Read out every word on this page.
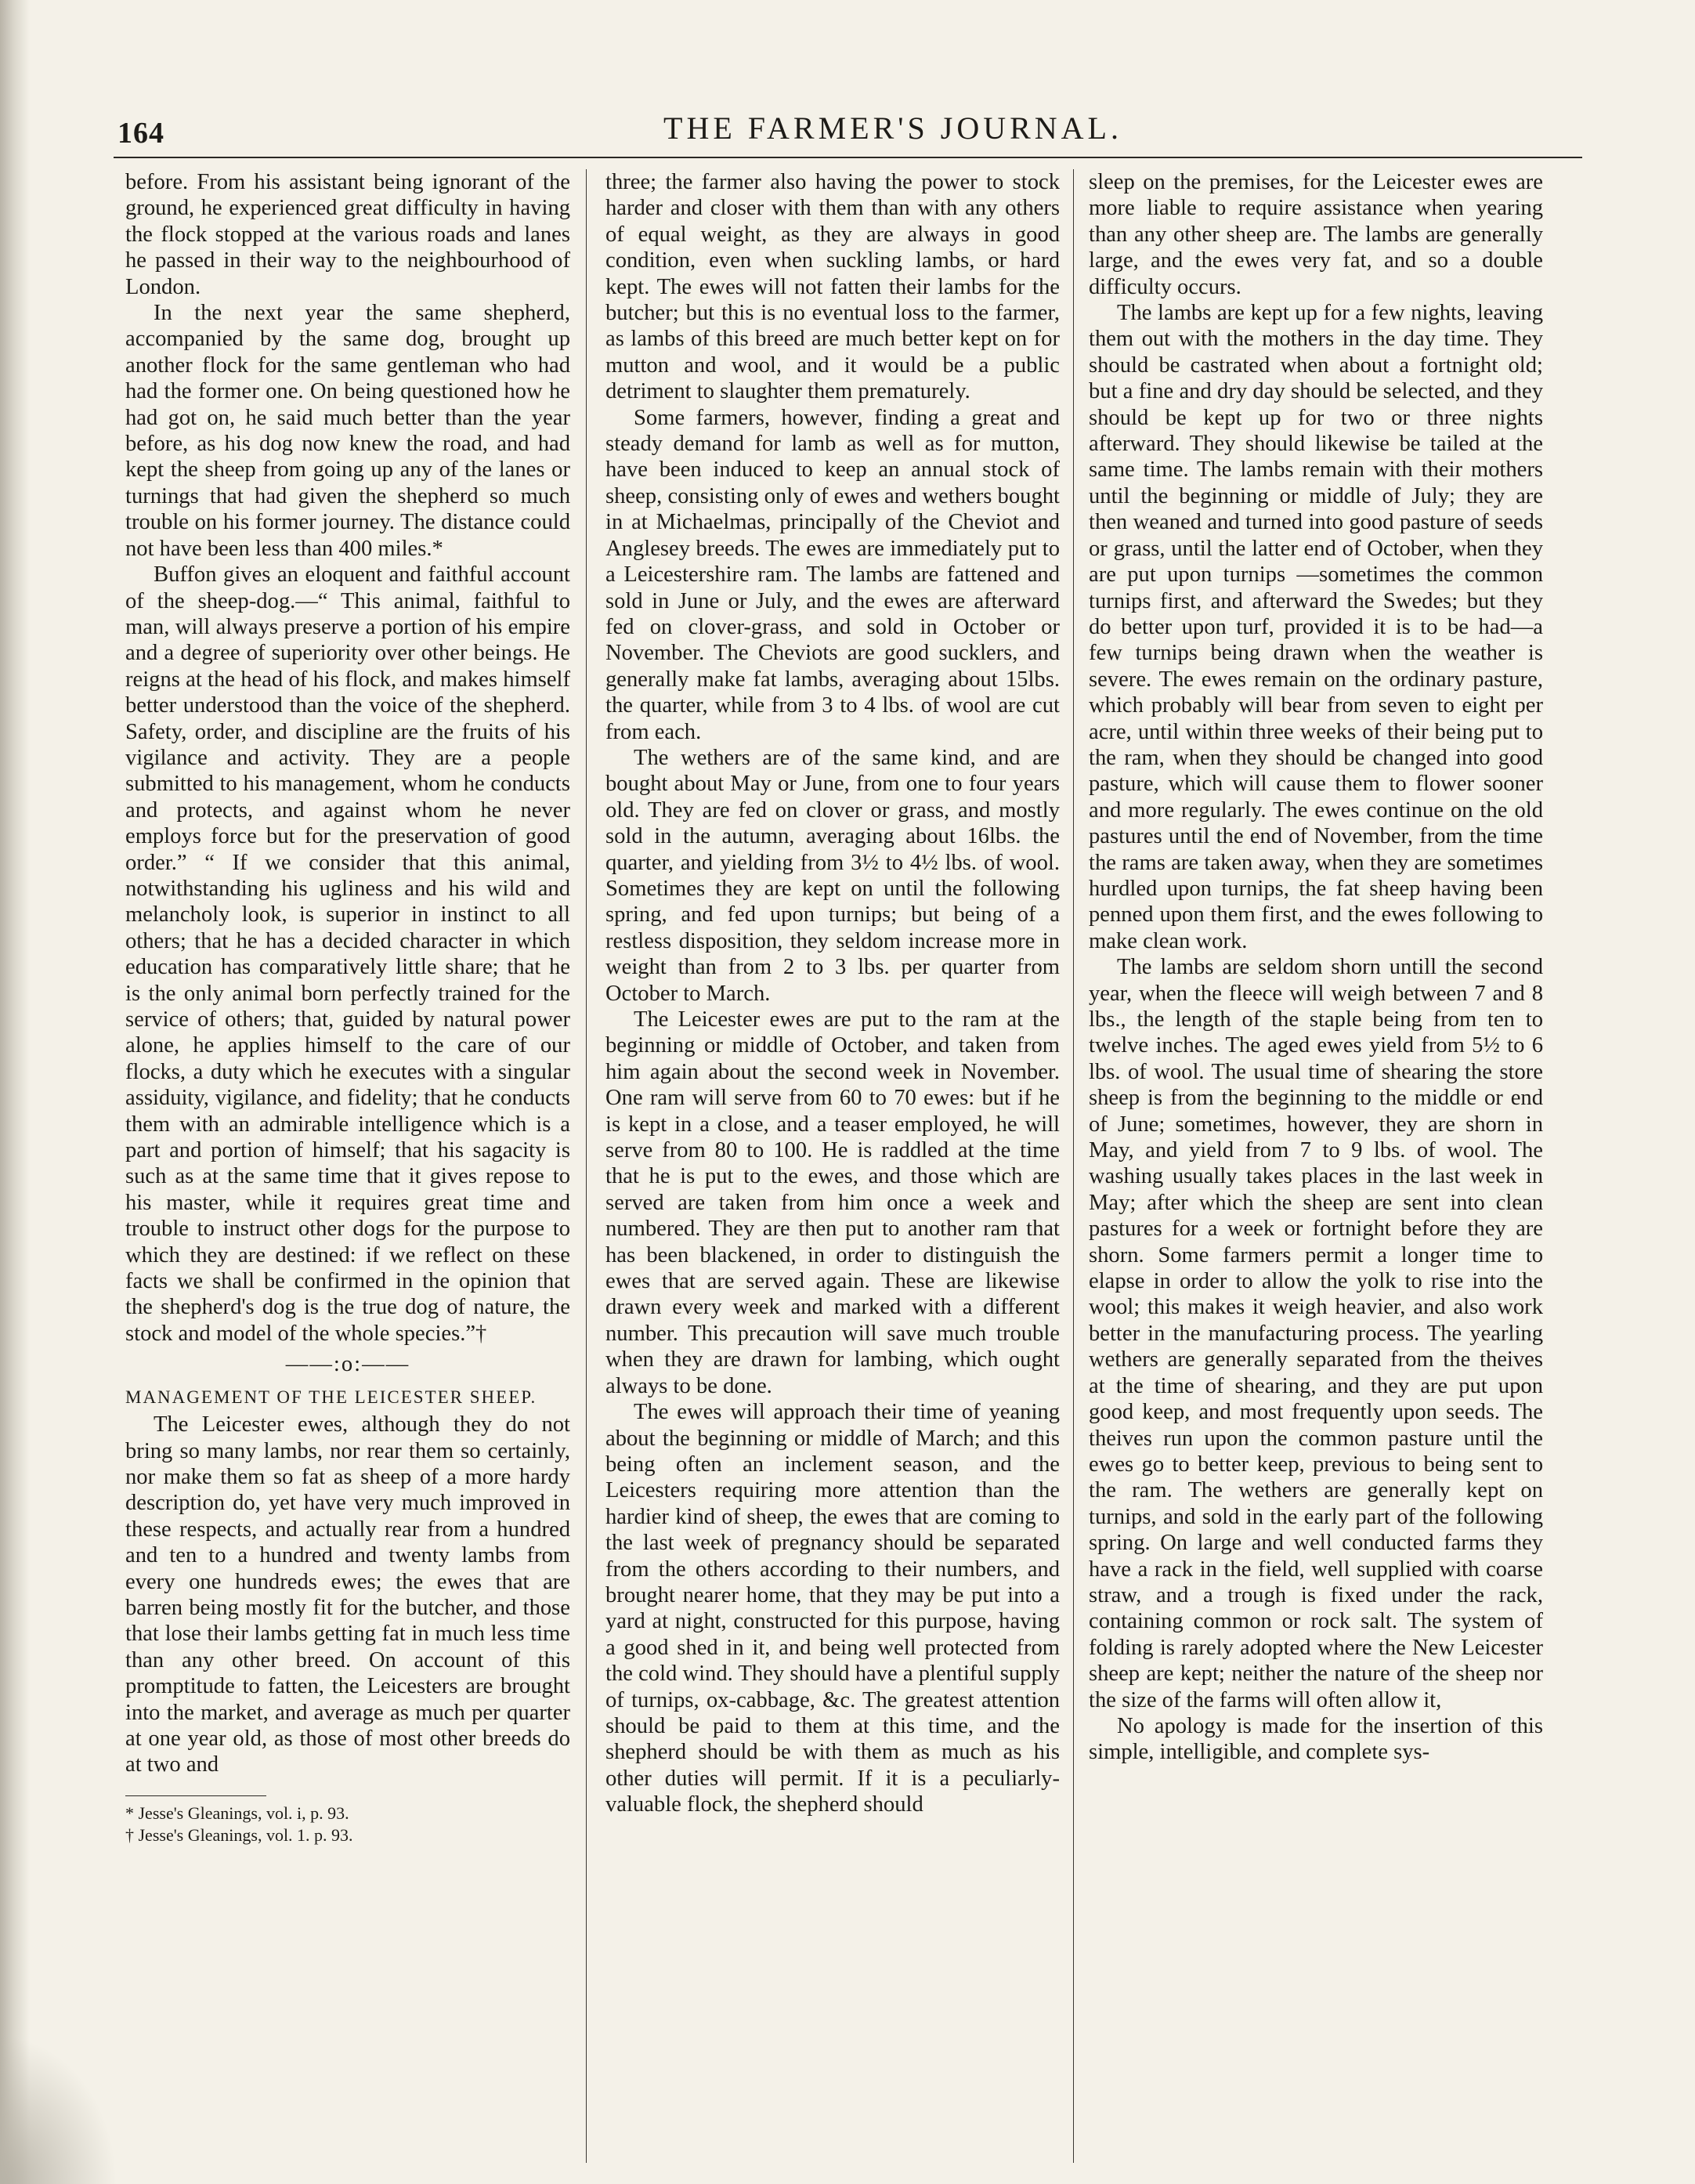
164	THE FARMER'S JOURNAL.

before. From his assistant being ignorant of the ground, he experienced great difficulty in having the flock stopped at the various roads and lanes he passed in their way to the neighbourhood of London.

In the next year the same shepherd, accompanied by the same dog, brought up another flock for the same gentleman who had had the former one. On being questioned how he had got on, he said much better than the year before, as his dog now knew the road, and had kept the sheep from going up any of the lanes or turnings that had given the shepherd so much trouble on his former journey. The distance could not have been less than 400 miles.*

Buffon gives an eloquent and faithful account of the sheep-dog.—“ This animal, faithful to man, will always preserve a portion of his empire and a degree of superiority over other beings. He reigns at the head of his flock, and makes himself better understood than the voice of the shepherd. Safety, order, and discipline are the fruits of his vigilance and activity. They are a people submitted to his management, whom he conducts and protects, and against whom he never employs force but for the preservation of good order.” “ If we consider that this animal, notwithstanding his ugliness and his wild and melancholy look, is superior in instinct to all others; that he has a decided character in which education has comparatively little share; that he is the only animal born perfectly trained for the service of others; that, guided by natural power alone, he applies himself to the care of our flocks, a duty which he executes with a singular assiduity, vigilance, and fidelity; that he conducts them with an admirable intelligence which is a part and portion of himself; that his sagacity is such as at the same time that it gives repose to his master, while it requires great time and trouble to instruct other dogs for the purpose to which they are destined: if we reflect on these facts we shall be confirmed in the opinion that the shepherd's dog is the true dog of nature, the stock and model of the whole species.”†

——:o:——
MANAGEMENT OF THE LEICESTER SHEEP.

The Leicester ewes, although they do not bring so many lambs, nor rear them so certainly, nor make them so fat as sheep of a more hardy description do, yet have very much improved in these respects, and actually rear from a hundred and ten to a hundred and twenty lambs from every one hundreds ewes; the ewes that are barren being mostly fit for the butcher, and those that lose their lambs getting fat in much less time than any other breed. On account of this promptitude to fatten, the Leicesters are brought into the market, and average as much per quarter at one year old, as those of most other breeds do at two and

* Jesse's Gleanings, vol. i, p. 93.

† Jesse's Gleanings, vol. 1. p. 93.

three; the farmer also having the power to stock harder and closer with them than with any others of equal weight, as they are always in good condition, even when suckling lambs, or hard kept. The ewes will not fatten their lambs for the butcher; but this is no eventual loss to the farmer, as lambs of this breed are much better kept on for mutton and wool, and it would be a public detriment to slaughter them prematurely.

Some farmers, however, finding a great and steady demand for lamb as well as for mutton, have been induced to keep an annual stock of sheep, consisting only of ewes and wethers bought in at Michaelmas, principally of the Cheviot and Anglesey breeds. The ewes are immediately put to a Leicestershire ram. The lambs are fattened and sold in June or July, and the ewes are afterward fed on clover-grass, and sold in October or November. The Cheviots are good sucklers, and generally make fat lambs, averaging about 15lbs. the quarter, while from 3 to 4 lbs. of wool are cut from each.

The wethers are of the same kind, and are bought about May or June, from one to four years old. They are fed on clover or grass, and mostly sold in the autumn, averaging about 16lbs. the quarter, and yielding from 3½ to 4½ lbs. of wool. Sometimes they are kept on until the following spring, and fed upon turnips; but being of a restless disposition, they seldom increase more in weight than from 2 to 3 lbs. per quarter from October to March.

The Leicester ewes are put to the ram at the beginning or middle of October, and taken from him again about the second week in November. One ram will serve from 60 to 70 ewes: but if he is kept in a close, and a teaser employed, he will serve from 80 to 100. He is raddled at the time that he is put to the ewes, and those which are served are taken from him once a week and numbered. They are then put to another ram that has been blackened, in order to distinguish the ewes that are served again. These are likewise drawn every week and marked with a different number. This precaution will save much trouble when they are drawn for lambing, which ought always to be done.

The ewes will approach their time of yeaning about the beginning or middle of March; and this being often an inclement season, and the Leicesters requiring more attention than the hardier kind of sheep, the ewes that are coming to the last week of pregnancy should be separated from the others according to their numbers, and brought nearer home, that they may be put into a yard at night, constructed for this purpose, having a good shed in it, and being well protected from the cold wind. They should have a plentiful supply of turnips, ox-cabbage, &c. The greatest attention should be paid to them at this time, and the shepherd should be with them as much as his other duties will permit. If it is a peculiarly-valuable flock, the shepherd should

sleep on the premises, for the Leicester ewes are more liable to require assistance when yearing than any other sheep are. The lambs are generally large, and the ewes very fat, and so a double difficulty occurs.

The lambs are kept up for a few nights, leaving them out with the mothers in the day time. They should be castrated when about a fortnight old; but a fine and dry day should be selected, and they should be kept up for two or three nights afterward. They should likewise be tailed at the same time. The lambs remain with their mothers until the beginning or middle of July; they are then weaned and turned into good pasture of seeds or grass, until the latter end of October, when they are put upon turnips —sometimes the common turnips first, and afterward the Swedes; but they do better upon turf, provided it is to be had—a few turnips being drawn when the weather is severe. The ewes remain on the ordinary pasture, which probably will bear from seven to eight per acre, until within three weeks of their being put to the ram, when they should be changed into good pasture, which will cause them to flower sooner and more regularly. The ewes continue on the old pastures until the end of November, from the time the rams are taken away, when they are sometimes hurdled upon turnips, the fat sheep having been penned upon them first, and the ewes following to make clean work.

The lambs are seldom shorn untill the second year, when the fleece will weigh between 7 and 8 lbs., the length of the staple being from ten to twelve inches. The aged ewes yield from 5½ to 6 lbs. of wool. The usual time of shearing the store sheep is from the beginning to the middle or end of June; sometimes, however, they are shorn in May, and yield from 7 to 9 lbs. of wool. The washing usually takes places in the last week in May; after which the sheep are sent into clean pastures for a week or fortnight before they are shorn. Some farmers permit a longer time to elapse in order to allow the yolk to rise into the wool; this makes it weigh heavier, and also work better in the manufacturing process. The yearling wethers are generally separated from the theives at the time of shearing, and they are put upon good keep, and most frequently upon seeds. The theives run upon the common pasture until the ewes go to better keep, previous to being sent to the ram. The wethers are generally kept on turnips, and sold in the early part of the following spring. On large and well conducted farms they have a rack in the field, well supplied with coarse straw, and a trough is fixed under the rack, containing common or rock salt. The system of folding is rarely adopted where the New Leicester sheep are kept; neither the nature of the sheep nor the size of the farms will often allow it,

No apology is made for the insertion of this simple, intelligible, and complete sys-
